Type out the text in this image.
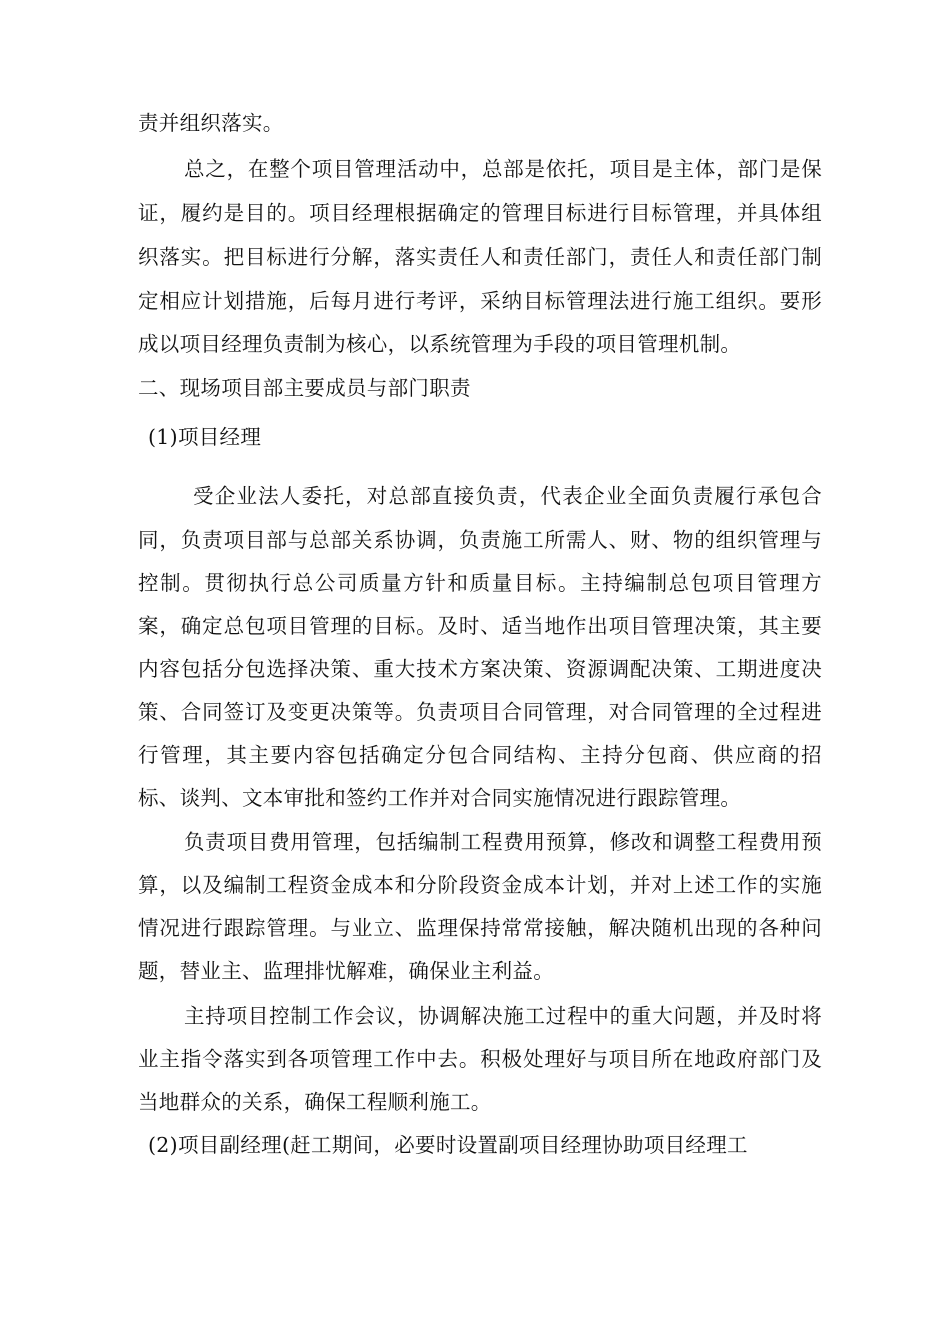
责并组织落实。
总之，在整个项目管理活动中，总部是依托，项目是主体，部门是保
证，履约是目的。项目经理根据确定的管理目标进行目标管理，并具体组
织落实。把目标进行分解，落实责任人和责任部门，责任人和责任部门制
定相应计划措施，后每月进行考评，采纳目标管理法进行施工组织。要形
成以项目经理负责制为核心，以系统管理为手段的项目管理机制。
二、现场项目部主要成员与部门职责
(1)项目经理
受企业法人委托，对总部直接负责，代表企业全面负责履行承包合
同，负责项目部与总部关系协调，负责施工所需人、财、物的组织管理与
控制。贯彻执行总公司质量方针和质量目标。主持编制总包项目管理方
案，确定总包项目管理的目标。及时、适当地作出项目管理决策，其主要
内容包括分包选择决策、重大技术方案决策、资源调配决策、工期进度决
策、合同签订及变更决策等。负责项目合同管理，对合同管理的全过程进
行管理，其主要内容包括确定分包合同结构、主持分包商、供应商的招
标、谈判、文本审批和签约工作并对合同实施情况进行跟踪管理。
负责项目费用管理，包括编制工程费用预算，修改和调整工程费用预
算，以及编制工程资金成本和分阶段资金成本计划，并对上述工作的实施
情况进行跟踪管理。与业立、监理保持常常接触，解决随机出现的各种问
题，替业主、监理排忧解难，确保业主利益。
主持项目控制工作会议，协调解决施工过程中的重大问题，并及时将
业主指令落实到各项管理工作中去。积极处理好与项目所在地政府部门及
当地群众的关系，确保工程顺利施工。
(2)项目副经理(赶工期间，必要时设置副项目经理协助项目经理工
